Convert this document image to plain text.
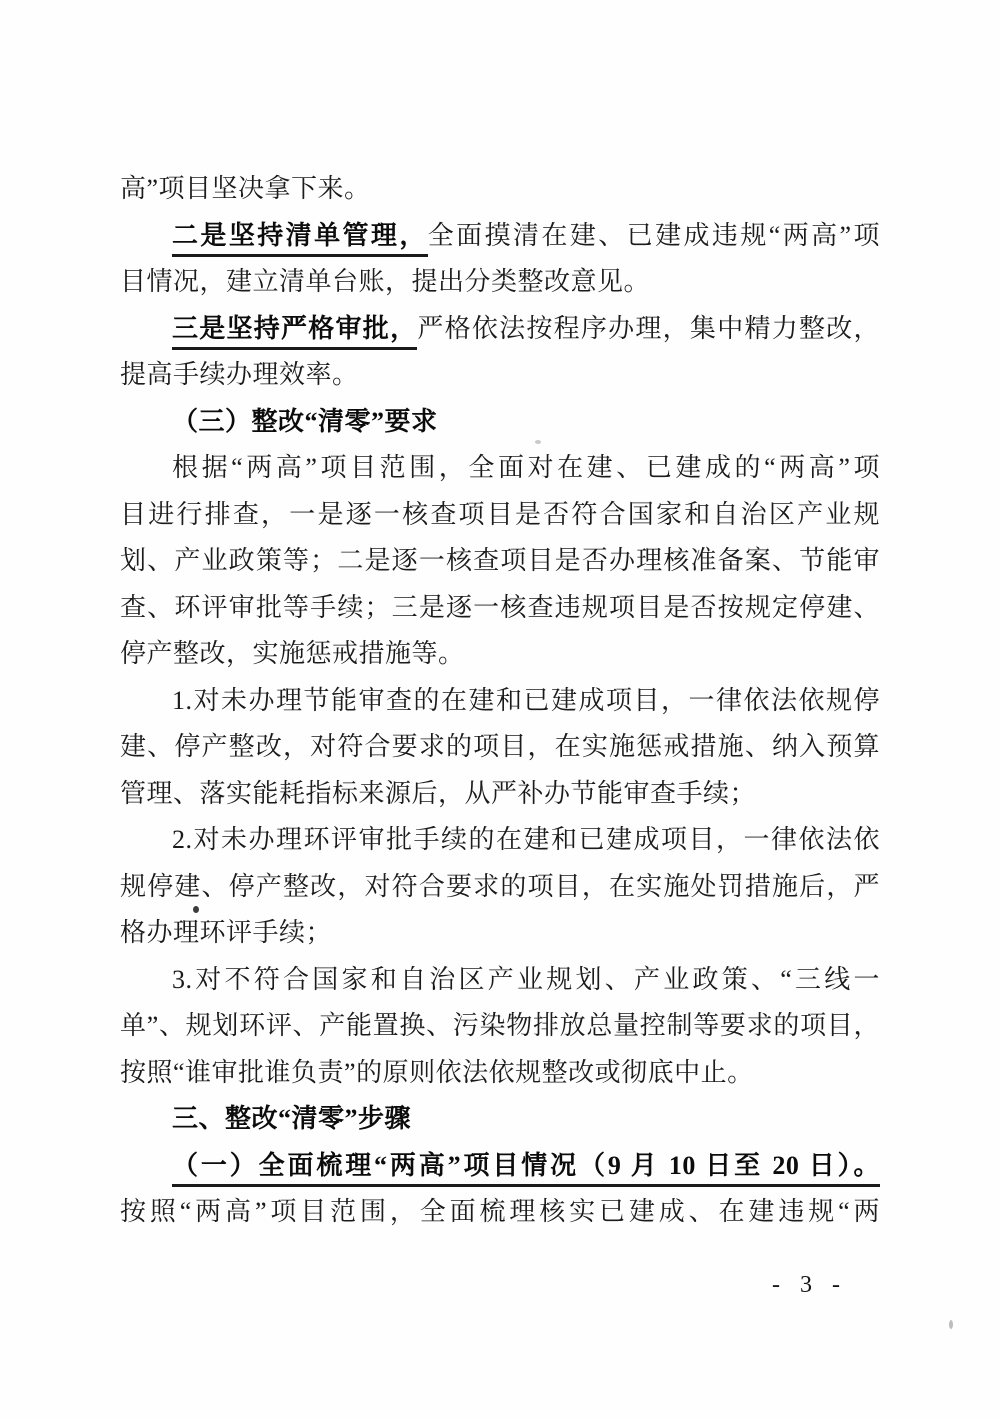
高”项目坚决拿下来。
二是坚持清单管理，全面摸清在建、已建成违规“两高”项
目情况，建立清单台账，提出分类整改意见。
三是坚持严格审批，严格依法按程序办理，集中精力整改，
提高手续办理效率。
（三）整改“清零”要求
根据“两高”项目范围，全面对在建、已建成的“两高”项
目进行排查，一是逐一核查项目是否符合国家和自治区产业规
划、产业政策等；二是逐一核查项目是否办理核准备案、节能审
查、环评审批等手续；三是逐一核查违规项目是否按规定停建、
停产整改，实施惩戒措施等。
1.对未办理节能审查的在建和已建成项目，一律依法依规停
建、停产整改，对符合要求的项目，在实施惩戒措施、纳入预算
管理、落实能耗指标来源后，从严补办节能审查手续；
2.对未办理环评审批手续的在建和已建成项目，一律依法依
规停建、停产整改，对符合要求的项目，在实施处罚措施后，严
格办理环评手续；
3.对不符合国家和自治区产业规划、产业政策、“三线一
单”、规划环评、产能置换、污染物排放总量控制等要求的项目，
按照“谁审批谁负责”的原则依法依规整改或彻底中止。
三、整改“清零”步骤
（一）全面梳理“两高”项目情况（9 月 10 日至 20 日）。
按照“两高”项目范围，全面梳理核实已建成、在建违规“两
- 3 -
